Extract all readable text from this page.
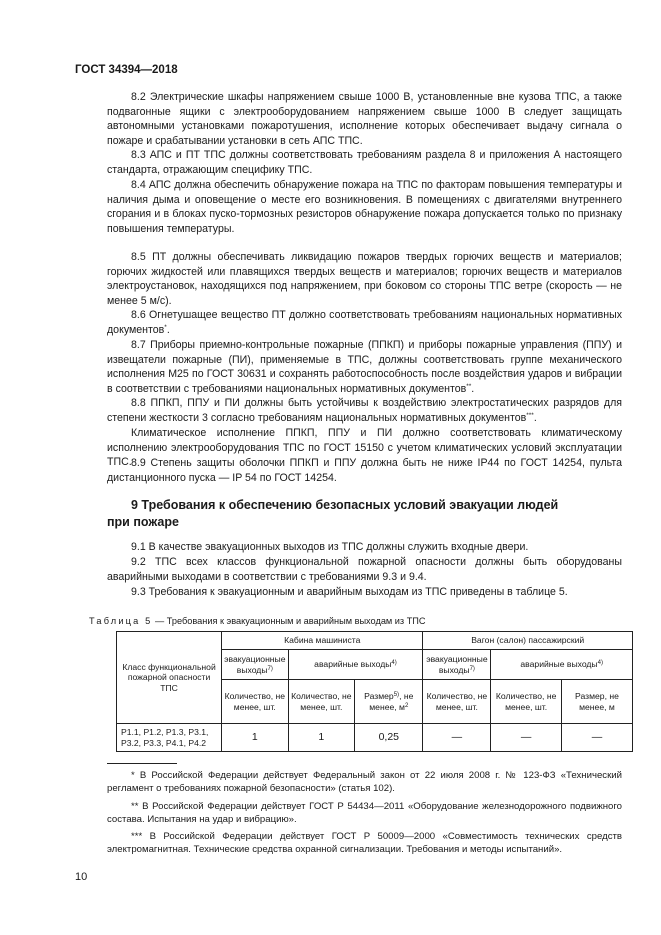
ГОСТ 34394—2018
8.2 Электрические шкафы напряжением свыше 1000 В, установленные вне кузова ТПС, а также подвагонные ящики с электрооборудованием напряжением свыше 1000 В следует защищать автономными установками пожаротушения, исполнение которых обеспечивает выдачу сигнала о пожаре и срабатывании установки в сеть АПС ТПС.
8.3 АПС и ПТ ТПС должны соответствовать требованиям раздела 8 и приложения А настоящего стандарта, отражающим специфику ТПС.
8.4 АПС должна обеспечить обнаружение пожара на ТПС по факторам повышения температуры и наличия дыма и оповещение о месте его возникновения. В помещениях с двигателями внутреннего сгорания и в блоках пуско-тормозных резисторов обнаружение пожара допускается только по признаку повышения температуры.
8.5 ПТ должны обеспечивать ликвидацию пожаров твердых горючих веществ и материалов; горючих жидкостей или плавящихся твердых веществ и материалов; горючих веществ и материалов электроустановок, находящихся под напряжением, при боковом со стороны ТПС ветре (скорость — не менее 5 м/с).
8.6 Огнетушащее вещество ПТ должно соответствовать требованиям национальных нормативных документов*.
8.7 Приборы приемно-контрольные пожарные (ППКП) и приборы пожарные управления (ППУ) и извещатели пожарные (ПИ), применяемые в ТПС, должны соответствовать группе механического исполнения М25 по ГОСТ 30631 и сохранять работоспособность после воздействия ударов и вибрации в соответствии с требованиями национальных нормативных документов**.
8.8 ППКП, ППУ и ПИ должны быть устойчивы к воздействию электростатических разрядов для степени жесткости 3 согласно требованиям национальных нормативных документов***.
Климатическое исполнение ППКП, ППУ и ПИ должно соответствовать климатическому исполнению электрооборудования ТПС по ГОСТ 15150 с учетом климатических условий эксплуатации ТПС. 8.9 Степень защиты оболочки ППКП и ППУ должна быть не ниже IP44 по ГОСТ 14254, пульта дистанционного пуска — IP 54 по ГОСТ 14254.
9 Требования к обеспечению безопасных условий эвакуации людей при пожаре
9.1 В качестве эвакуационных выходов из ТПС должны служить входные двери.
9.2 ТПС всех классов функциональной пожарной опасности должны быть оборудованы аварийными выходами в соответствии с требованиями 9.3 и 9.4.
9.3 Требования к эвакуационным и аварийным выходам из ТПС приведены в таблице 5.
Таблица 5 — Требования к эвакуационным и аварийным выходам из ТПС
Класс функциональной пожарной опасности ТПС	Кабина машиниста			Вагон (салон) пассажирский		
	эвакуационные выходы$^{7)}$	аварийные выходы$^{4)}$		эвакуационные выходы$^{7)}$	аварийные выходы$^{4)}$
	Количество, не менее, шт.	Количество, не менее, шт.	Размер$^{5)}$, не менее, $м^2$	Количество, не менее, шт.	Количество, не менее, шт.	Размер, не менее, м
Р1.1, Р1.2, Р1.3, Р3.1, Р3.2, Р3.3, Р4.1, Р4.2	1	1	0,25	—	—	—
* В Российской Федерации действует Федеральный закон от 22 июля 2008 г. № 123-ФЗ «Технический регламент о требованиях пожарной безопасности» (статья 102).
** В Российской Федерации действует ГОСТ Р 54434—2011 «Оборудование железнодорожного подвижного состава. Испытания на удар и вибрацию».
*** В Российской Федерации действует ГОСТ Р 50009—2000 «Совместимость технических средств электромагнитная. Технические средства охранной сигнализации. Требования и методы испытаний».
10
